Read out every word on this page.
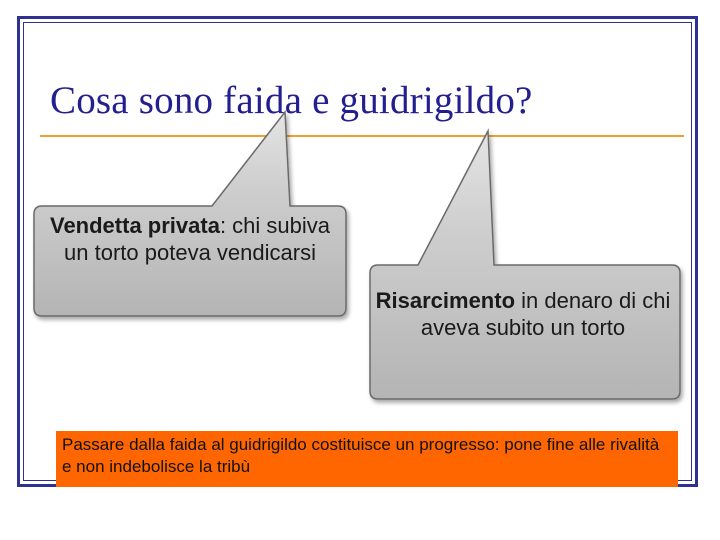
Cosa sono faida e guidrigildo?
Vendetta privata: chi subiva un torto poteva vendicarsi
Risarcimento in denaro di chi aveva subito un torto
Passare dalla faida al guidrigildo costituisce un progresso: pone fine alle rivalità e non indebolisce la tribù
